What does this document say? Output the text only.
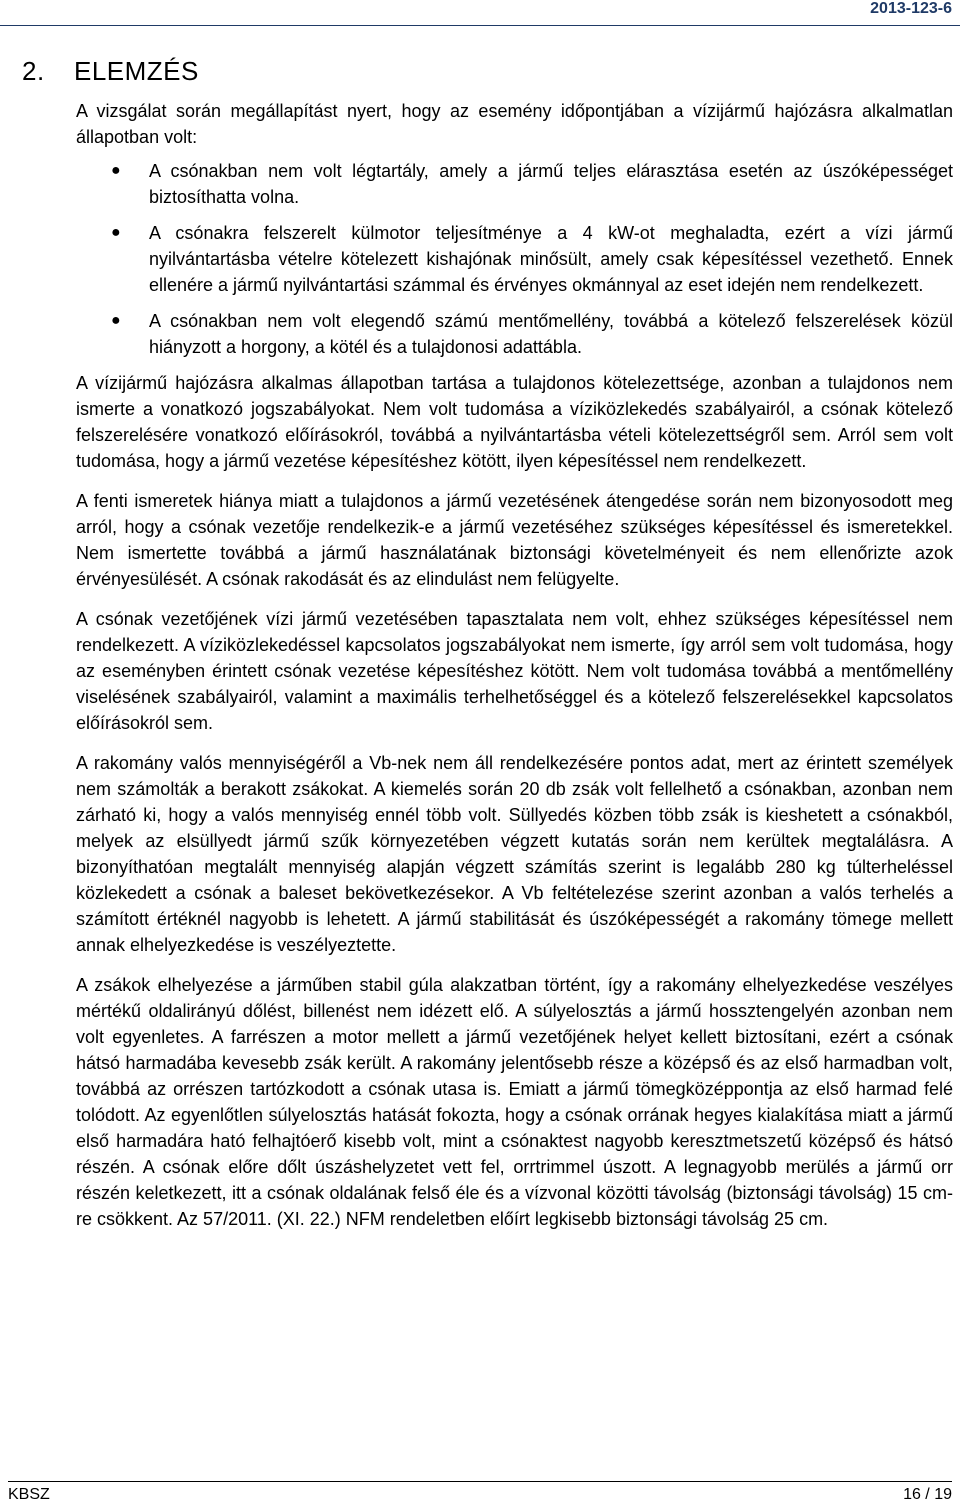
2013-123-6
2. ELEMZÉS

A vizsgálat során megállapítást nyert, hogy az esemény időpontjában a vízijármű hajózásra alkalmatlan állapotban volt:

● A csónakban nem volt légtartály, amely a jármű teljes elárasztása esetén az úszóképességet biztosíthatta volna.
● A csónakra felszerelt külmotor teljesítménye a 4 kW-ot meghaladta, ezért a vízi jármű nyilvántartásba vételre kötelezett kishajónak minősült, amely csak képesítéssel vezethető. Ennek ellenére a jármű nyilvántartási számmal és érvényes okmánnyal az eset idején nem rendelkezett.
● A csónakban nem volt elegendő számú mentőmellény, továbbá a kötelező felszerelések közül hiányzott a horgony, a kötél és a tulajdonosi adattábla.

A vízijármű hajózásra alkalmas állapotban tartása a tulajdonos kötelezettsége, azonban a tulajdonos nem ismerte a vonatkozó jogszabályokat. Nem volt tudomása a víziközlekedés szabályairól, a csónak kötelező felszerelésére vonatkozó előírásokról, továbbá a nyilvántartásba vételi kötelezettségről sem. Arról sem volt tudomása, hogy a jármű vezetése képesítéshez kötött, ilyen képesítéssel nem rendelkezett.

A fenti ismeretek hiánya miatt a tulajdonos a jármű vezetésének átengedése során nem bizonyosodott meg arról, hogy a csónak vezetője rendelkezik-e a jármű vezetéséhez szükséges képesítéssel és ismeretekkel. Nem ismertette továbbá a jármű használatának biztonsági követelményeit és nem ellenőrizte azok érvényesülését. A csónak rakodását és az elindulást nem felügyelte.

A csónak vezetőjének vízi jármű vezetésében tapasztalata nem volt, ehhez szükséges képesítéssel nem rendelkezett. A víziközlekedéssel kapcsolatos jogszabályokat nem ismerte, így arról sem volt tudomása, hogy az eseményben érintett csónak vezetése képesítéshez kötött. Nem volt tudomása továbbá a mentőmellény viselésének szabályairól, valamint a maximális terhelhetőséggel és a kötelező felszerelésekkel kapcsolatos előírásokról sem.

A rakomány valós mennyiségéről a Vb-nek nem áll rendelkezésére pontos adat, mert az érintett személyek nem számolták a berakott zsákokat. A kiemelés során 20 db zsák volt fellelhető a csónakban, azonban nem zárható ki, hogy a valós mennyiség ennél több volt. Süllyedés közben több zsák is kieshetett a csónakból, melyek az elsüllyedt jármű szűk környezetében végzett kutatás során nem kerültek megtalálásra. A bizonyíthatóan megtalált mennyiség alapján végzett számítás szerint is legalább 280 kg túlterheléssel közlekedett a csónak a baleset bekövetkezésekor. A Vb feltételezése szerint azonban a valós terhelés a számított értéknél nagyobb is lehetett. A jármű stabilitását és úszóképességét a rakomány tömege mellett annak elhelyezkedése is veszélyeztette.

A zsákok elhelyezése a járműben stabil gúla alakzatban történt, így a rakomány elhelyezkedése veszélyes mértékű oldalirányú dőlést, billenést nem idézett elő. A súlyelosztás a jármű hossztengelyén azonban nem volt egyenletes. A farrészen a motor mellett a jármű vezetőjének helyet kellett biztosítani, ezért a csónak hátsó harmadába kevesebb zsák került. A rakomány jelentősebb része a középső és az első harmadban volt, továbbá az orrészen tartózkodott a csónak utasa is. Emiatt a jármű tömegközéppontja az első harmad felé tolódott. Az egyenlőtlen súlyelosztás hatását fokozta, hogy a csónak orrának hegyes kialakítása miatt a jármű első harmadára ható felhajtóerő kisebb volt, mint a csónaktest nagyobb keresztmetszetű középső és hátsó részén. A csónak előre dőlt úszáshelyzetet vett fel, orrtrimmel úszott. A legnagyobb merülés a jármű orr részén keletkezett, itt a csónak oldalának felső éle és a vízvonal közötti távolság (biztonsági távolság) 15 cm-re csökkent. Az 57/2011. (XI. 22.) NFM rendeletben előírt legkisebb biztonsági távolság 25 cm.

KBSZ	16 / 19
